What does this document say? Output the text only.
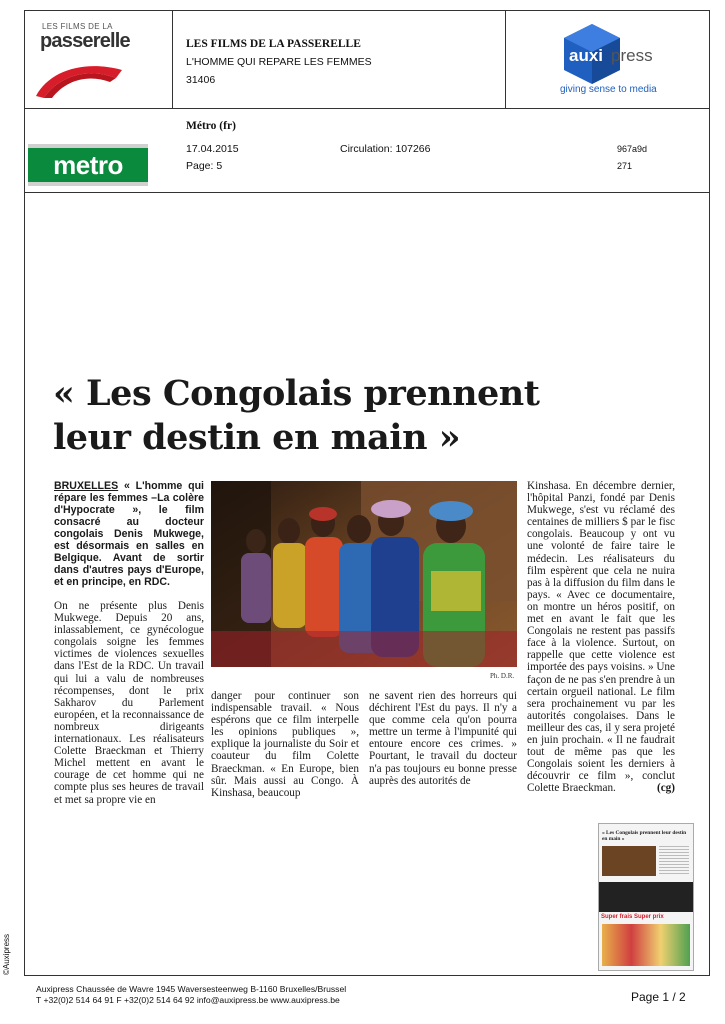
LES FILMS DE LA
passerelle	LES FILMS DE LA PASSERELLE
L'HOMME QUI REPARE LES FEMMES
31406
auxi press
giving sense to media
metro
Métro (fr)
17.04.2015
Page: 5
Circulation: 107266	967a9d
271
« Les Congolais prennent
leur destin en main »

BRUXELLES « L'homme qui répare les femmes –La colère d'Hypocrate », le film consacré au docteur congolais Denis Mukwege, est désormais en salles en Belgique. Avant de sortir dans d'autres pays d'Europe, et en principe, en RDC.

On ne présente plus Denis Mukwege. Depuis 20 ans, inlassablement, ce gynécologue congolais soigne les femmes victimes de violences sexuelles dans l'Est de la RDC. Un travail qui lui a valu de nombreuses récompenses, dont le prix Sakharov du Parlement européen, et la reconnaissance de nombreux dirigeants internationaux. Les réalisateurs Colette Braeckman et Thierry Michel mettent en avant le courage de cet homme qui ne compte plus ses heures de travail et met sa propre vie en

Ph. D.R.

danger pour continuer son indispensable travail. « Nous espérons que ce film interpelle les opinions publiques », explique la journaliste du Soir et coauteur du film Colette Braeckman. « En Europe, bien sûr. Mais aussi au Congo. À Kinshasa, beaucoup

ne savent rien des horreurs qui déchirent l'Est du pays. Il n'y a que comme cela qu'on pourra mettre un terme à l'impunité qui entoure encore ces crimes. » Pourtant, le travail du docteur n'a pas toujours eu bonne presse auprès des autorités de

Kinshasa. En décembre dernier, l'hôpital Panzi, fondé par Denis Mukwege, s'est vu réclamé des centaines de milliers $ par le fisc congolais. Beaucoup y ont vu une volonté de faire taire le médecin. Les réalisateurs du film espèrent que cela ne nuira pas à la diffusion du film dans le pays. « Avec ce documentaire, on montre un héros positif, on met en avant le fait que les Congolais ne restent pas passifs face à la violence. Surtout, on rappelle que cette violence est importée des pays voisins. » Une façon de ne pas s'en prendre à un certain orgueil national. Le film sera prochainement vu par les autorités congolaises. Dans le meilleur des cas, il y sera projeté en juin prochain. « Il ne faudrait tout de même pas que les Congolais soient les derniers à découvrir ce film », conclut Colette Braeckman.	(cg)

« Les Congolais prennent leur destin en main »
Super frais Super prix
Auxipress Chaussée de Wavre 1945 Waversesteenweg B-1160 Bruxelles/Brussel
T +32(0)2 514 64 91 F +32(0)2 514 64 92 info@auxipress.be www.auxipress.be	Page 1 / 2
©Auxipress
